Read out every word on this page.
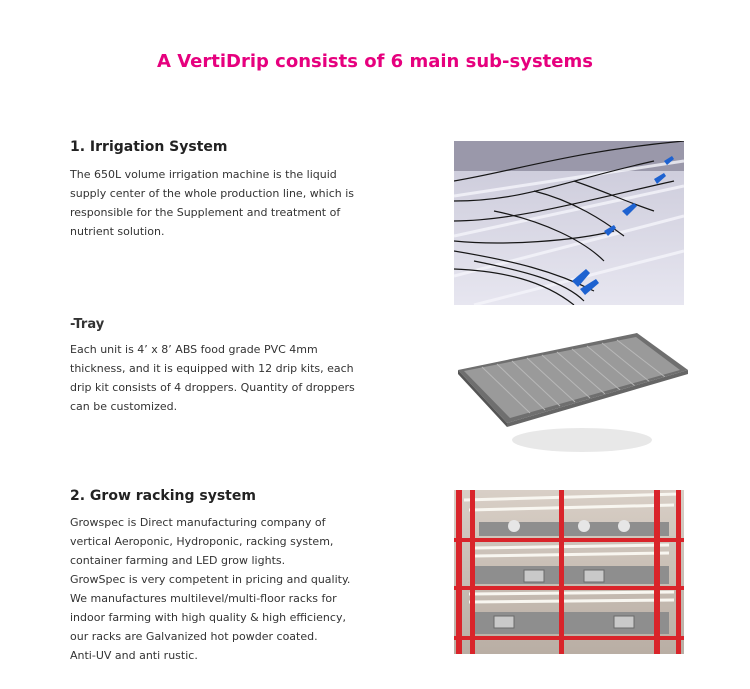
A VertiDrip consists of 6 main sub-systems
1. Irrigation System
The 650L volume irrigation machine is the liquid
supply center of the whole production line, which is
responsible for the Supplement and treatment of
nutrient solution.
-Tray
Each unit is 4’ x 8’ ABS food grade PVC 4mm
thickness, and it is equipped with 12 drip kits, each
drip kit consists of 4 droppers. Quantity of droppers
can be customized.
2. Grow racking system
Growspec is Direct manufacturing company of
vertical Aeroponic, Hydroponic, racking system,
container farming and LED grow lights.
GrowSpec is very competent in pricing and quality.
We manufactures multilevel/multi-floor racks for
indoor farming with high quality & high efficiency,
our racks are Galvanized hot powder coated.
Anti-UV and anti rustic.
